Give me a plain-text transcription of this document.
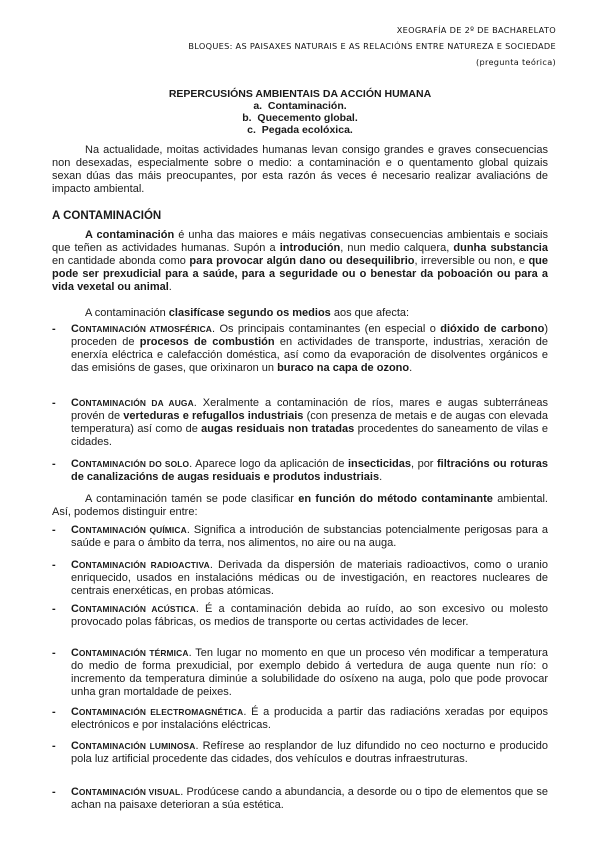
XEOGRAFÍA DE 2º DE BACHARELATO
BLOQUES: AS PAISAXES NATURAIS E AS RELACIÓNS ENTRE NATUREZA E SOCIEDADE
(pregunta teórica)
REPERCUSIÓNS AMBIENTAIS DA ACCIÓN HUMANA
a. Contaminación.
b. Quecemento global.
c. Pegada ecolóxica.
Na actualidade, moitas actividades humanas levan consigo grandes e graves consecuencias non desexadas, especialmente sobre o medio: a contaminación e o quentamento global quizais sexan dúas das máis preocupantes, por esta razón ás veces é necesario realizar avaliacións de impacto ambiental.
A CONTAMINACIÓN
A contaminación é unha das maiores e máis negativas consecuencias ambientais e sociais que teñen as actividades humanas. Supón a introdución, nun medio calquera, dunha substancia en cantidade abonda como para provocar algún dano ou desequilibrio, irreversible ou non, e que pode ser prexudicial para a saúde, para a seguridade ou o benestar da poboación ou para a vida vexetal ou animal.
A contaminación clasifícase segundo os medios aos que afecta:
-	CONTAMINACIÓN ATMOSFÉRICA. Os principais contaminantes (en especial o dióxido de carbono) proceden de procesos de combustión en actividades de transporte, industrias, xeración de enerxía eléctrica e calefacción doméstica, así como da evaporación de disolventes orgánicos e das emisións de gases, que orixinaron un buraco na capa de ozono.
-	CONTAMINACIÓN DA AUGA. Xeralmente a contaminación de ríos, mares e augas subterráneas provén de verteduras e refugallos industriais (con presenza de metais e de augas con elevada temperatura) así como de augas residuais non tratadas procedentes do saneamento de vilas e cidades.
-	CONTAMINACIÓN DO SOLO. Aparece logo da aplicación de insecticidas, por filtracións ou roturas de canalizacións de augas residuais e produtos industriais.
A contaminación tamén se pode clasificar en función do método contaminante ambiental. Así, podemos distinguir entre:
-	CONTAMINACIÓN QUÍMICA. Significa a introdución de substancias potencialmente perigosas para a saúde e para o ámbito da terra, nos alimentos, no aire ou na auga.
-	CONTAMINACIÓN RADIOACTIVA. Derivada da dispersión de materiais radioactivos, como o uranio enriquecido, usados en instalacións médicas ou de investigación, en reactores nucleares de centrais enerxéticas, en probas atómicas.
-	CONTAMINACIÓN ACÚSTICA. É a contaminación debida ao ruído, ao son excesivo ou molesto provocado polas fábricas, os medios de transporte ou certas actividades de lecer.
-	CONTAMINACIÓN TÉRMICA. Ten lugar no momento en que un proceso vén modificar a temperatura do medio de forma prexudicial, por exemplo debido á vertedura de auga quente nun río: o incremento da temperatura diminúe a solubilidade do osíxeno na auga, polo que pode provocar unha gran mortaldade de peixes.
-	CONTAMINACIÓN ELECTROMAGNÉTICA. É a producida a partir das radiacións xeradas por equipos electrónicos e por instalacións eléctricas.
-	CONTAMINACIÓN LUMINOSA. Refírese ao resplandor de luz difundido no ceo nocturno e producido pola luz artificial procedente das cidades, dos vehículos e doutras infraestruturas.
-	CONTAMINACIÓN VISUAL. Prodúcese cando a abundancia, a desorde ou o tipo de elementos que se achan na paisaxe deterioran a súa estética.
